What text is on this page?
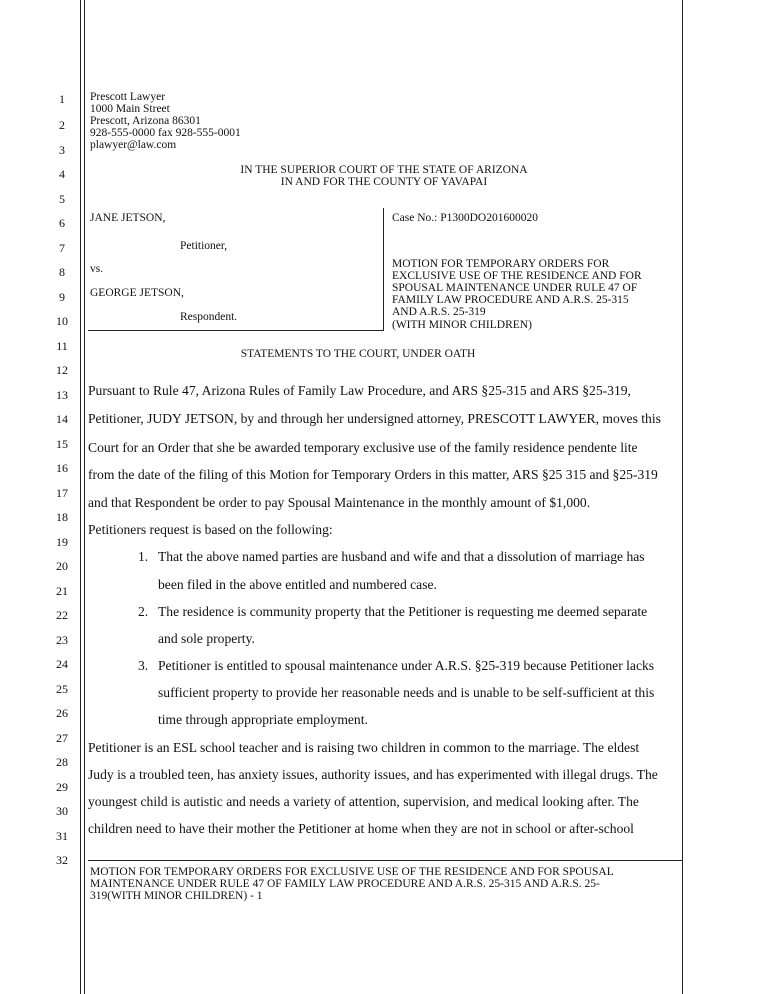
1
2
3
4
5
6
7
8
9
10
11
12
13
14
15
16
17
18
19
20
21
22
23
24
25
26
27
28
29
30
31
32
Prescott Lawyer
1000 Main Street
Prescott, Arizona 86301
928-555-0000 fax 928-555-0001
plawyer@law.com
IN THE SUPERIOR COURT OF THE STATE OF ARIZONA
IN AND FOR THE COUNTY OF YAVAPAI
JANE JETSON,
Petitioner,
vs.
GEORGE JETSON,
Respondent.
Case No.: P1300DO201600020
MOTION FOR TEMPORARY ORDERS FOR
EXCLUSIVE USE OF THE RESIDENCE AND FOR
SPOUSAL MAINTENANCE UNDER RULE 47 OF
FAMILY LAW PROCEDURE AND A.R.S. 25-315
AND A.R.S. 25-319
(WITH MINOR CHILDREN)
STATEMENTS TO THE COURT, UNDER OATH
Pursuant to Rule 47, Arizona Rules of Family Law Procedure, and ARS §25-315 and ARS §25-319,
Petitioner, JUDY JETSON, by and through her undersigned attorney, PRESCOTT LAWYER, moves this
Court for an Order that she be awarded temporary exclusive use of the family residence pendente lite
from the date of the filing of this Motion for Temporary Orders in this matter, ARS §25 315 and §25-319
and that Respondent be order to pay Spousal Maintenance in the monthly amount of $1,000.
Petitioners request is based on the following:
1. That the above named parties are husband and wife and that a dissolution of marriage has
been filed in the above entitled and numbered case.
2. The residence is community property that the Petitioner is requesting me deemed separate
and sole property.
3. Petitioner is entitled to spousal maintenance under A.R.S. §25-319 because Petitioner lacks
sufficient property to provide her reasonable needs and is unable to be self-sufficient at this
time through appropriate employment.
Petitioner is an ESL school teacher and is raising two children in common to the marriage. The eldest
Judy is a troubled teen, has anxiety issues, authority issues, and has experimented with illegal drugs. The
youngest child is autistic and needs a variety of attention, supervision, and medical looking after. The
children need to have their mother the Petitioner at home when they are not in school or after-school
MOTION FOR TEMPORARY ORDERS FOR EXCLUSIVE USE OF THE RESIDENCE AND FOR SPOUSAL
MAINTENANCE UNDER RULE 47 OF FAMILY LAW PROCEDURE AND A.R.S. 25-315 AND A.R.S. 25-
319(WITH MINOR CHILDREN) - 1
